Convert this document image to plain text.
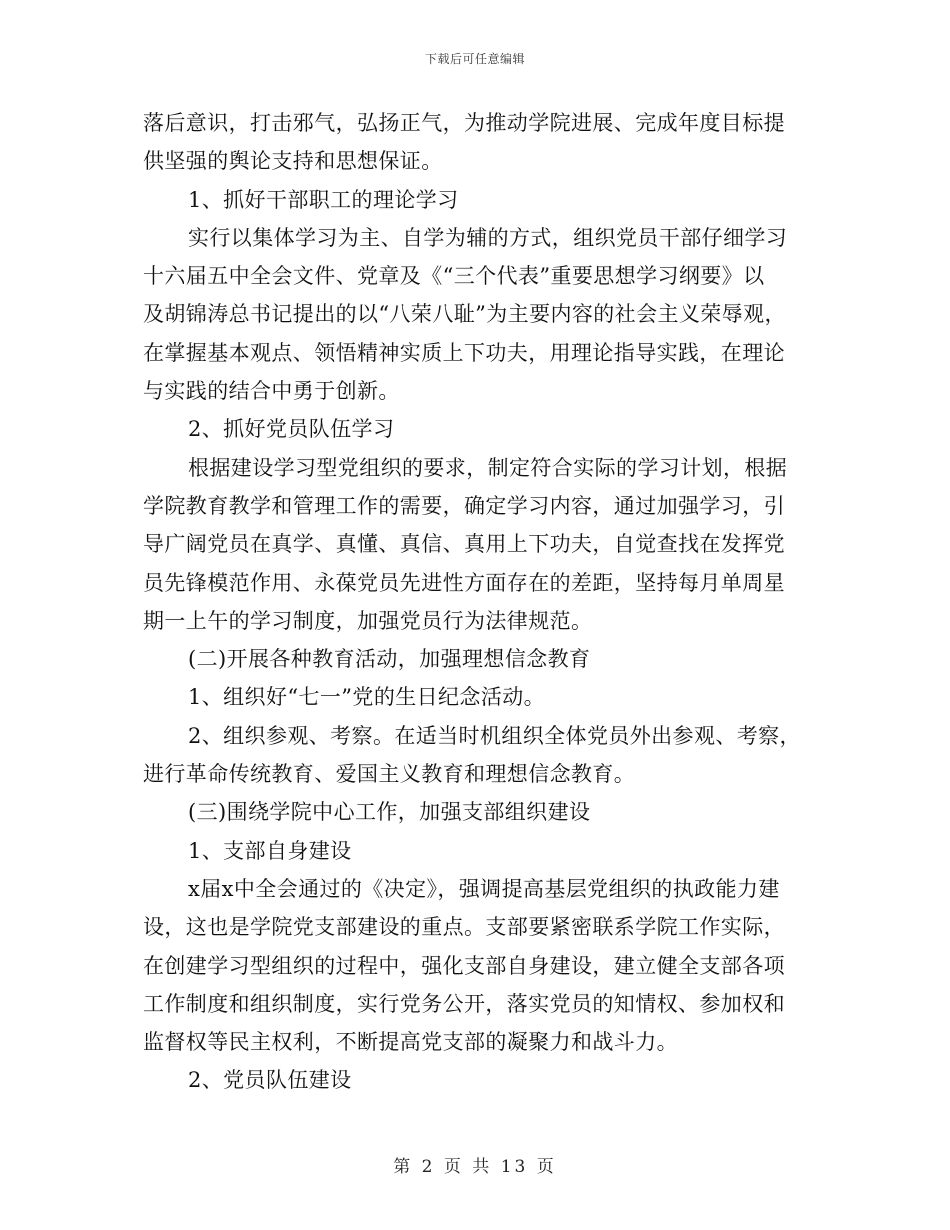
下载后可任意编辑
落后意识，打击邪气，弘扬正气，为推动学院进展、完成年度目标提
供坚强的舆论支持和思想保证。
1、抓好干部职工的理论学习
实行以集体学习为主、自学为辅的方式，组织党员干部仔细学习
十六届五中全会文件、党章及《“三个代表”重要思想学习纲要》以
及胡锦涛总书记提出的以“八荣八耻”为主要内容的社会主义荣辱观，
在掌握基本观点、领悟精神实质上下功夫，用理论指导实践，在理论
与实践的结合中勇于创新。
2、抓好党员队伍学习
根据建设学习型党组织的要求，制定符合实际的学习计划，根据
学院教育教学和管理工作的需要，确定学习内容，通过加强学习，引
导广阔党员在真学、真懂、真信、真用上下功夫，自觉查找在发挥党
员先锋模范作用、永葆党员先进性方面存在的差距，坚持每月单周星
期一上午的学习制度，加强党员行为法律规范。
(二)开展各种教育活动，加强理想信念教育
1、组织好“七一”党的生日纪念活动。
2、组织参观、考察。在适当时机组织全体党员外出参观、考察，
进行革命传统教育、爱国主义教育和理想信念教育。
(三)围绕学院中心工作，加强支部组织建设
1、支部自身建设
x届x中全会通过的《决定》，强调提高基层党组织的执政能力建
设，这也是学院党支部建设的重点。支部要紧密联系学院工作实际，
在创建学习型组织的过程中，强化支部自身建设，建立健全支部各项
工作制度和组织制度，实行党务公开，落实党员的知情权、参加权和
监督权等民主权利，不断提高党支部的凝聚力和战斗力。
2、党员队伍建设
第 2 页 共 13 页
